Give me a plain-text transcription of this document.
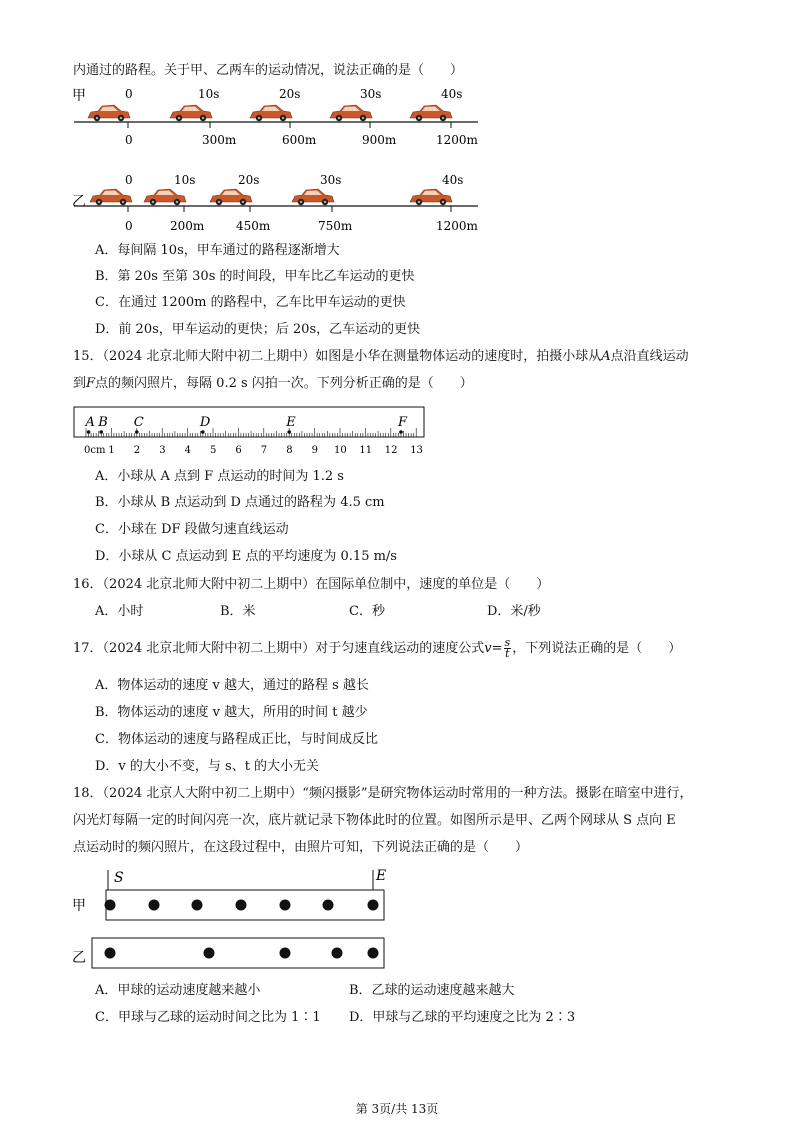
内通过的路程。关于甲、乙两车的运动情况，说法正确的是（　　）
甲	0	10s	20s	30s	40s
0	300m	600m	900m	1200m
乙
0	10s	20s	30s	40s
0	200m	450m	750m	1200m
A．每间隔 10s，甲车通过的路程逐渐增大
B．第 20s 至第 30s 的时间段，甲车比乙车运动的更快
C．在通过 1200m 的路程中，乙车比甲车运动的更快
D．前 20s，甲车运动的更快；后 20s，乙车运动的更快
15．（2024 北京北师大附中初二上期中）如图是小华在测量物体运动的速度时，拍摄小球从A点沿直线运动
到F点的频闪照片，每隔 0.2 s 闪拍一次。下列分析正确的是（　　）
0cm 1 2 3 4 5 6 7 8 9 10 11 12 13
A B C	D	E	F
A．小球从 A 点到 F 点运动的时间为 1.2 s
B．小球从 B 点运动到 D 点通过的路程为 4.5 cm
C．小球在 DF 段做匀速直线运动
D．小球从 C 点运动到 E 点的平均速度为 0.15 m/s
16．（2024 北京北师大附中初二上期中）在国际单位制中，速度的单位是（　　）
A．小时	B．米	C．秒	D．米/秒
17．（2024 北京北师大附中初二上期中）对于匀速直线运动的速度公式$v= \frac{s}{t}$ ，下列说法正确的是（　　）
A．物体运动的速度 v 越大，通过的路程 s 越长
B．物体运动的速度 v 越大，所用的时间 t 越少
C．物体运动的速度与路程成正比，与时间成反比
D．v 的大小不变，与 s、t 的大小无关
18．（2024 北京人大附中初二上期中）“频闪摄影”是研究物体运动时常用的一种方法。摄影在暗室中进行，
闪光灯每隔一定的时间闪亮一次，底片就记录下物体此时的位置。如图所示是甲、乙两个网球从 S 点向 E
点运动时的频闪照片，在这段过程中，由照片可知，下列说法正确的是（　　）
S	E
甲
乙
A．甲球的运动速度越来越小	B．乙球的运动速度越来越大
C．甲球与乙球的运动时间之比为 1∶1 D．甲球与乙球的平均速度之比为 2∶3
第 3页/共 13页
